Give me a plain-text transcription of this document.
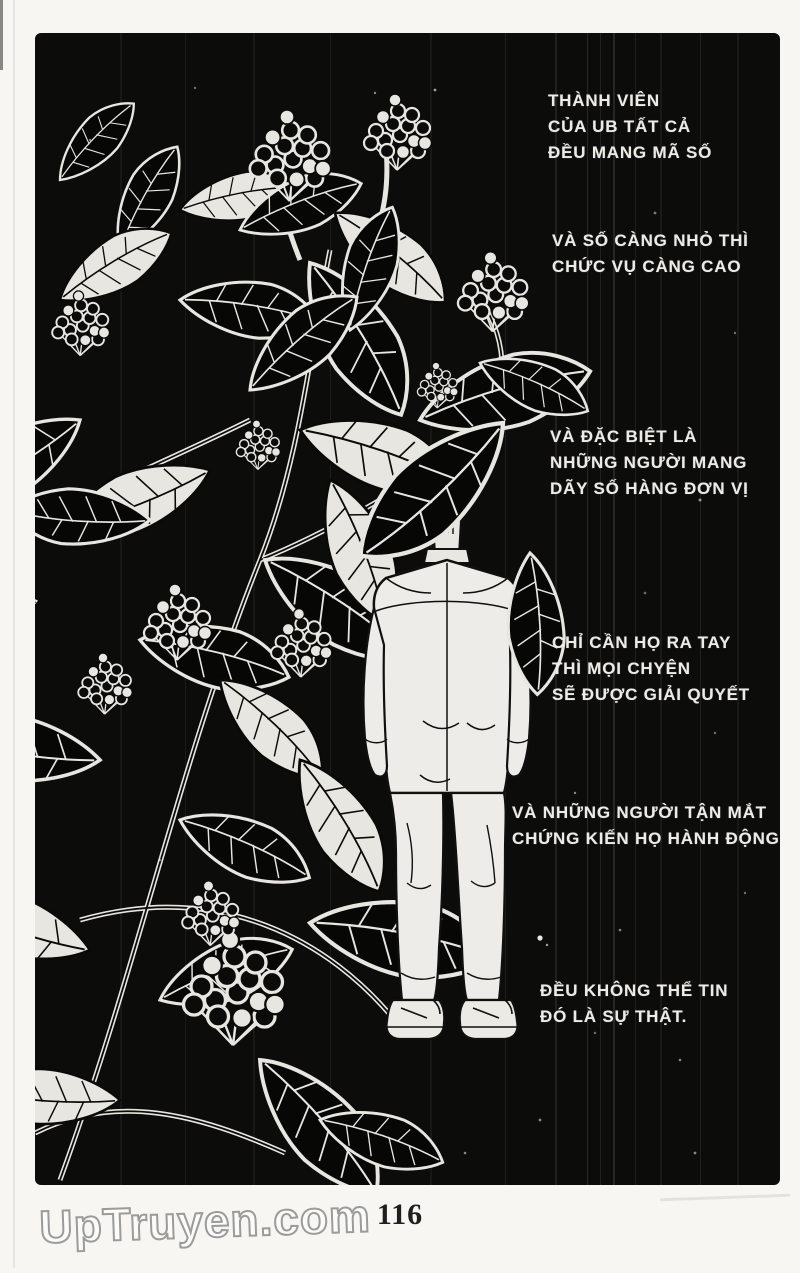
THÀNH VIÊN
CỦA UB TẤT CẢ
ĐỀU MANG MÃ SỐ
VÀ SỐ CÀNG NHỎ THÌ
CHỨC VỤ CÀNG CAO
VÀ ĐẶC BIỆT LÀ
NHỮNG NGƯỜI MANG
DÃY SỐ HÀNG ĐƠN VỊ
CHỈ CẦN HỌ RA TAY
THÌ MỌI CHYỆN
SẼ ĐƯỢC GIẢI QUYẾT
VÀ NHỮNG NGƯỜI TẬN MẮT
CHỨNG KIẾN HỌ HÀNH ĐỘNG
ĐỀU KHÔNG THỂ TIN
ĐÓ LÀ SỰ THẬT.
116
UpTruyen.com
